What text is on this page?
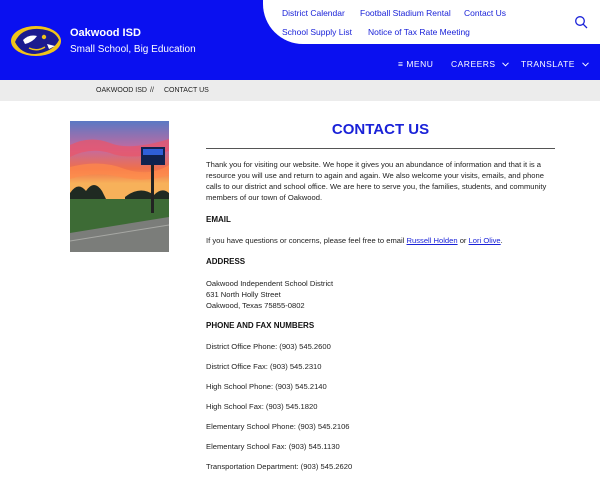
Oakwood ISD
Small School, Big Education
District Calendar Football Stadium Rental Contact Us
School Supply List Notice of Tax Rate Meeting
≡ MENU CAREERS	TRANSLATE
OAKWOOD ISD // CONTACT US
CONTACT US
Thank you for visiting our website. We hope it gives you an abundance of information and that it is a resource you will use and return to again and again. We also welcome your visits, emails, and phone calls to our district and school office. We are here to serve you, the families, students, and community members of our town of Oakwood.
EMAIL
If you have questions or concerns, please feel free to email Russell Holden or Lori Olive.
ADDRESS
Oakwood Independent School District
631 North Holly Street
Oakwood, Texas 75855-0802
PHONE AND FAX NUMBERS
District Office Phone: (903) 545.2600
District Office Fax: (903) 545.2310
High School Phone: (903) 545.2140
High School Fax: (903) 545.1820
Elementary School Phone: (903) 545.2106
Elementary School Fax: (903) 545.1130
Transportation Department: (903) 545.2620
